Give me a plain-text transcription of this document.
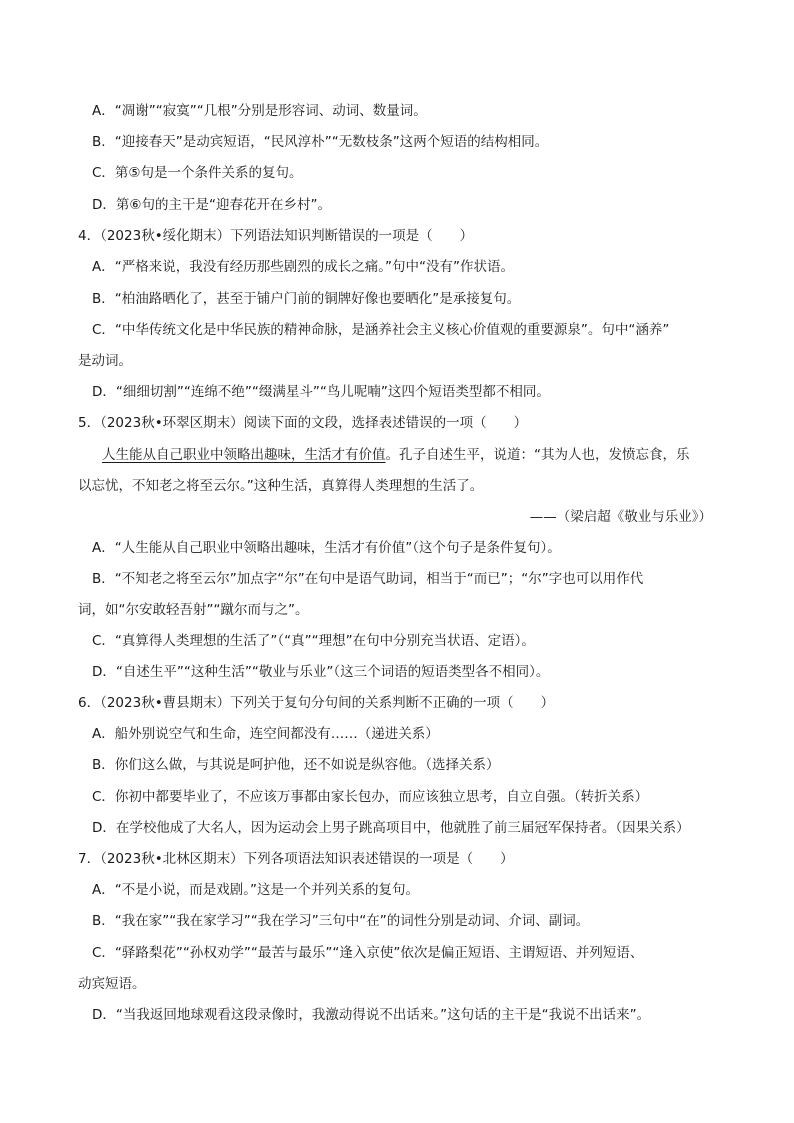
A．“凋谢”“寂寞”“几根”分别是形容词、动词、数量词。
B．“迎接春天”是动宾短语，“民风淳朴”“无数枝条”这两个短语的结构相同。
C．第⑤句是一个条件关系的复句。
D．第⑥句的主干是“迎春花开在乡村”。
4．（2023秋•绥化期末）下列语法知识判断错误的一项是（　　）
A．“严格来说，我没有经历那些剧烈的成长之痛。”句中“没有”作状语。
B．“柏油路晒化了，甚至于铺户门前的铜牌好像也要晒化”是承接复句。
C．“中华传统文化是中华民族的精神命脉，是涵养社会主义核心价值观的重要源泉”。句中“涵养”
是动词。
D．“细细切割”“连绵不绝”“缀满星斗”“鸟儿呢喃”这四个短语类型都不相同。
5．（2023秋•环翠区期末）阅读下面的文段，选择表述错误的一项（　　）
人生能从自己职业中领略出趣味，生活才有价值。孔子自述生平，说道：“其为人也，发愤忘食，乐
以忘忧，不知老之将至云尔。”这种生活，真算得人类理想的生活了。
——（梁启超《敬业与乐业》）
A．“人生能从自己职业中领略出趣味，生活才有价值”（这个句子是条件复句）。
B．“不知老之将至云尔”加点字“尔”在句中是语气助词，相当于“而已”；“尔”字也可以用作代
词，如“尔安敢轻吾射”“蹴尔而与之”。
C．“真算得人类理想的生活了”（“真”“理想”在句中分别充当状语、定语）。
D．“自述生平”“这种生活”“敬业与乐业”（这三个词语的短语类型各不相同）。
6．（2023秋•曹县期末）下列关于复句分句间的关系判断不正确的一项（　　）
A．船外别说空气和生命，连空间都没有……（递进关系）
B．你们这么做，与其说是呵护他，还不如说是纵容他。（选择关系）
C．你初中都要毕业了，不应该万事都由家长包办，而应该独立思考，自立自强。（转折关系）
D．在学校他成了大名人，因为运动会上男子跳高项目中，他就胜了前三届冠军保持者。（因果关系）
7．（2023秋•北林区期末）下列各项语法知识表述错误的一项是（　　）
A．“不是小说，而是戏剧。”这是一个并列关系的复句。
B．“我在家”“我在家学习”“我在学习”三句中“在”的词性分别是动词、介词、副词。
C．“驿路梨花”“孙权劝学”“最苦与最乐”“逢入京使”依次是偏正短语、主谓短语、并列短语、
动宾短语。
D．“当我返回地球观看这段录像时，我激动得说不出话来。”这句话的主干是“我说不出话来”。
